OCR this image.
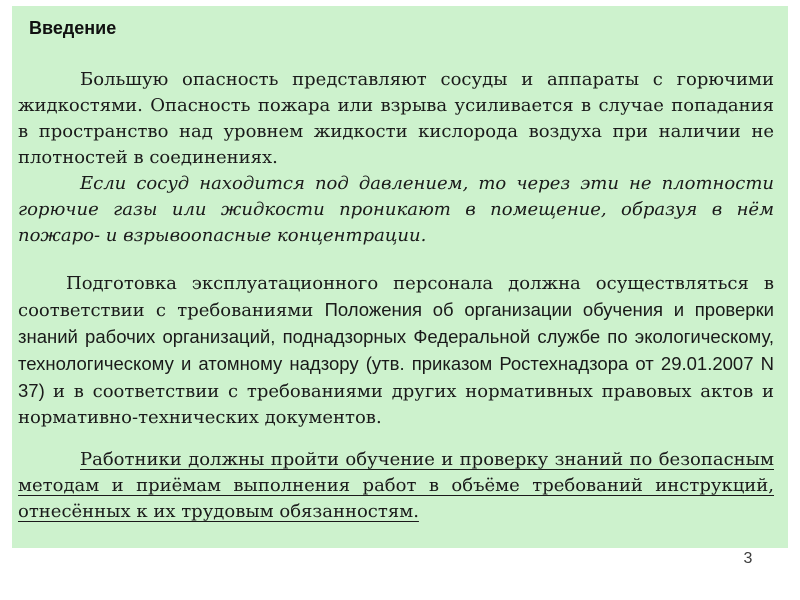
Введение

Большую опасность представляют сосуды и аппараты с горючими жидкостями. Опасность пожара или взрыва усиливается в случае попадания в пространство над уровнем жидкости кислорода воздуха при наличии не плотностей в соединениях.

Если сосуд находится под давлением, то через эти не плотности горючие газы или жидкости проникают в помещение, образуя в нём пожаро- и взрывоопасные концентрации.

Подготовка эксплуатационного персонала должна осуществляться в соответствии с требованиями Положения об организации обучения и проверки знаний рабочих организаций, поднадзорных Федеральной службе по экологическому, технологическому и атомному надзору (утв. приказом Ростехнадзора от 29.01.2007 N 37) и в соответствии с требованиями других нормативных правовых актов и нормативно-технических документов.

Работники должны пройти обучение и проверку знаний по безопасным методам и приёмам выполнения работ в объёме требований инструкций, отнесённых к их трудовым обязанностям.

3
